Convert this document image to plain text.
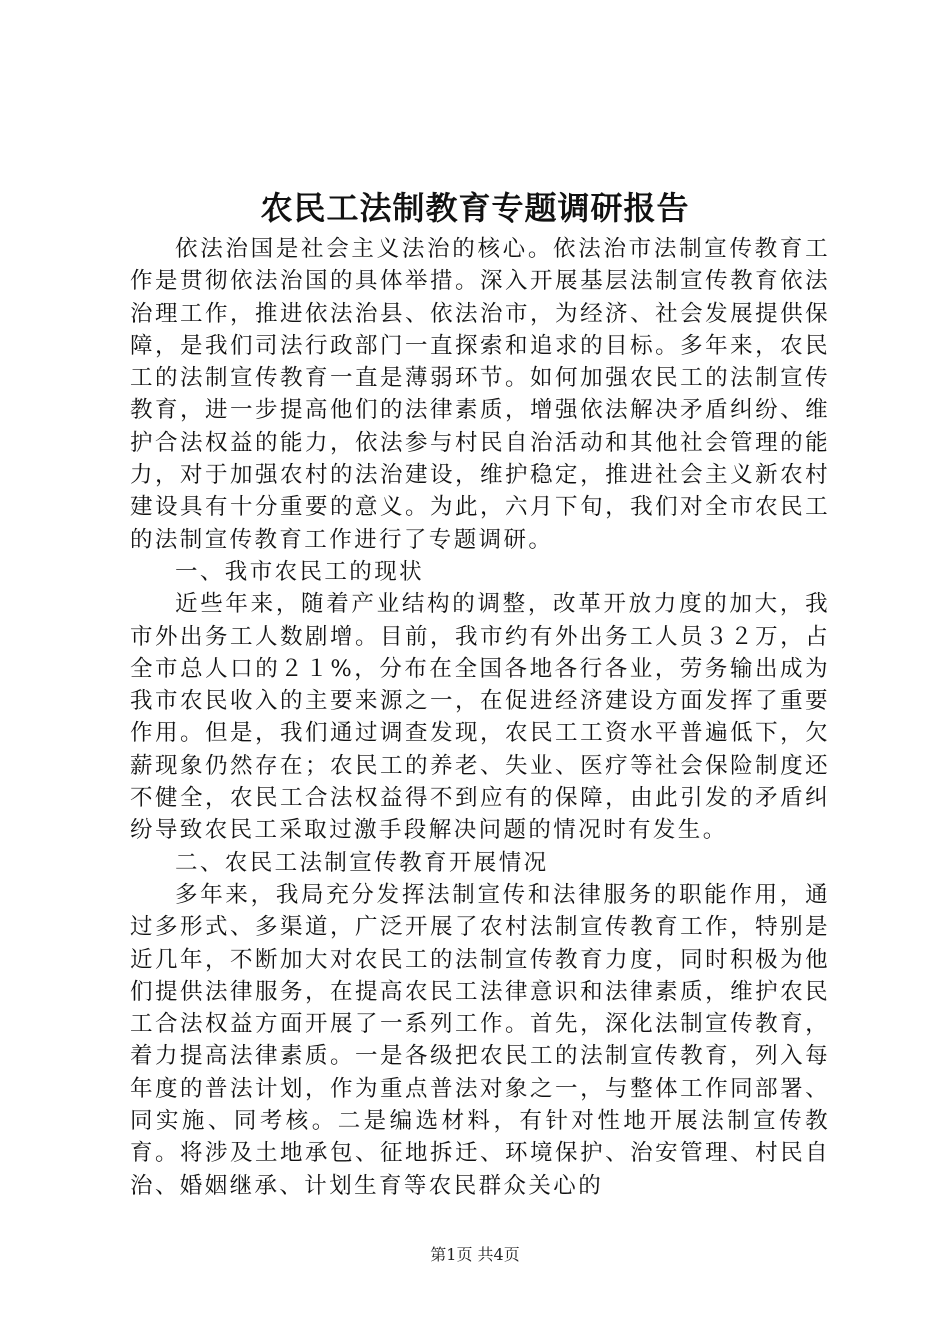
农民工法制教育专题调研报告

依法治国是社会主义法治的核心。依法治市法制宣传教育工作是贯彻依法治国的具体举措。深入开展基层法制宣传教育依法治理工作，推进依法治县、依法治市，为经济、社会发展提供保障，是我们司法行政部门一直探索和追求的目标。多年来，农民工的法制宣传教育一直是薄弱环节。如何加强农民工的法制宣传教育，进一步提高他们的法律素质，增强依法解决矛盾纠纷、维护合法权益的能力，依法参与村民自治活动和其他社会管理的能力，对于加强农村的法治建设，维护稳定，推进社会主义新农村建设具有十分重要的意义。为此，六月下旬，我们对全市农民工的法制宣传教育工作进行了专题调研。

一、我市农民工的现状

近些年来，随着产业结构的调整，改革开放力度的加大，我市外出务工人数剧增。目前，我市约有外出务工人员３２万，占全市总人口的２１%，分布在全国各地各行各业，劳务输出成为我市农民收入的主要来源之一，在促进经济建设方面发挥了重要作用。但是，我们通过调查发现，农民工工资水平普遍低下，欠薪现象仍然存在；农民工的养老、失业、医疗等社会保险制度还不健全，农民工合法权益得不到应有的保障，由此引发的矛盾纠纷导致农民工采取过激手段解决问题的情况时有发生。

二、农民工法制宣传教育开展情况

多年来，我局充分发挥法制宣传和法律服务的职能作用，通过多形式、多渠道，广泛开展了农村法制宣传教育工作，特别是近几年，不断加大对农民工的法制宣传教育力度，同时积极为他们提供法律服务，在提高农民工法律意识和法律素质，维护农民工合法权益方面开展了一系列工作。首先，深化法制宣传教育，着力提高法律素质。一是各级把农民工的法制宣传教育，列入每年度的普法计划，作为重点普法对象之一，与整体工作同部署、同实施、同考核。二是编选材料，有针对性地开展法制宣传教育。将涉及土地承包、征地拆迁、环境保护、治安管理、村民自治、婚姻继承、计划生育等农民群众关心的

第1页 共4页
